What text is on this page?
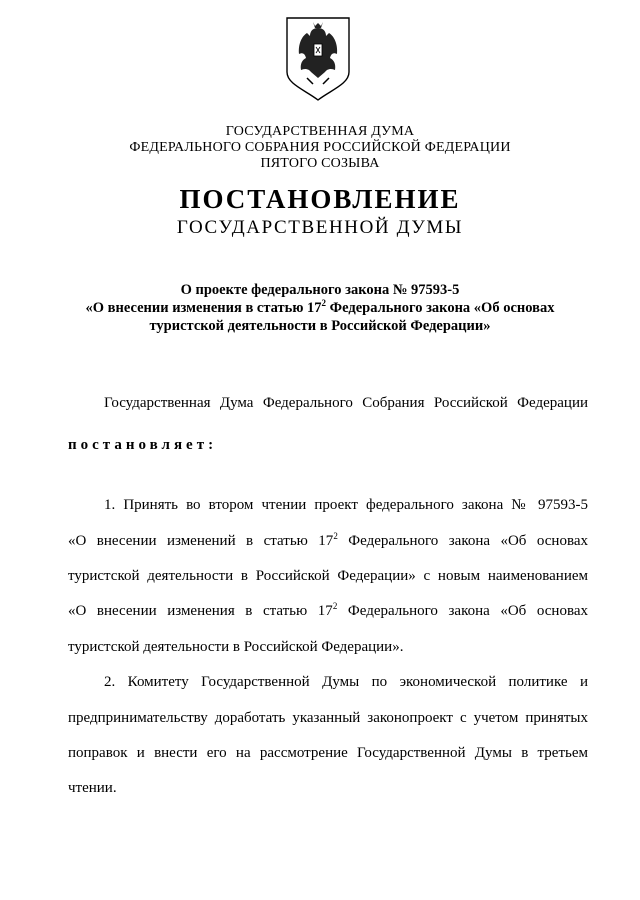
ГОСУДАРСТВЕННАЯ ДУМА
ФЕДЕРАЛЬНОГО СОБРАНИЯ РОССИЙСКОЙ ФЕДЕРАЦИИ
ПЯТОГО СОЗЫВА
ПОСТАНОВЛЕНИЕ
ГОСУДАРСТВЕННОЙ ДУМЫ
О проекте федерального закона № 97593-5
«О внесении изменения в статью $17^2$ Федерального закона «Об основах
туристской деятельности в Российской Федерации»
Государственная Дума Федерального Собрания Российской Федерации
постановляет:
1. Принять во втором чтении проект федерального закона № 97593-5
«О внесении изменений в статью $17^2$ Федерального закона «Об основах
туристской деятельности в Российской Федерации» с новым наименованием
«О внесении изменения в статью $17^2$ Федерального закона «Об основах
туристской деятельности в Российской Федерации».
2. Комитету Государственной Думы по экономической политике и
предпринимательству доработать указанный законопроект с учетом принятых
поправок и внести его на рассмотрение Государственной Думы в третьем
чтении.
